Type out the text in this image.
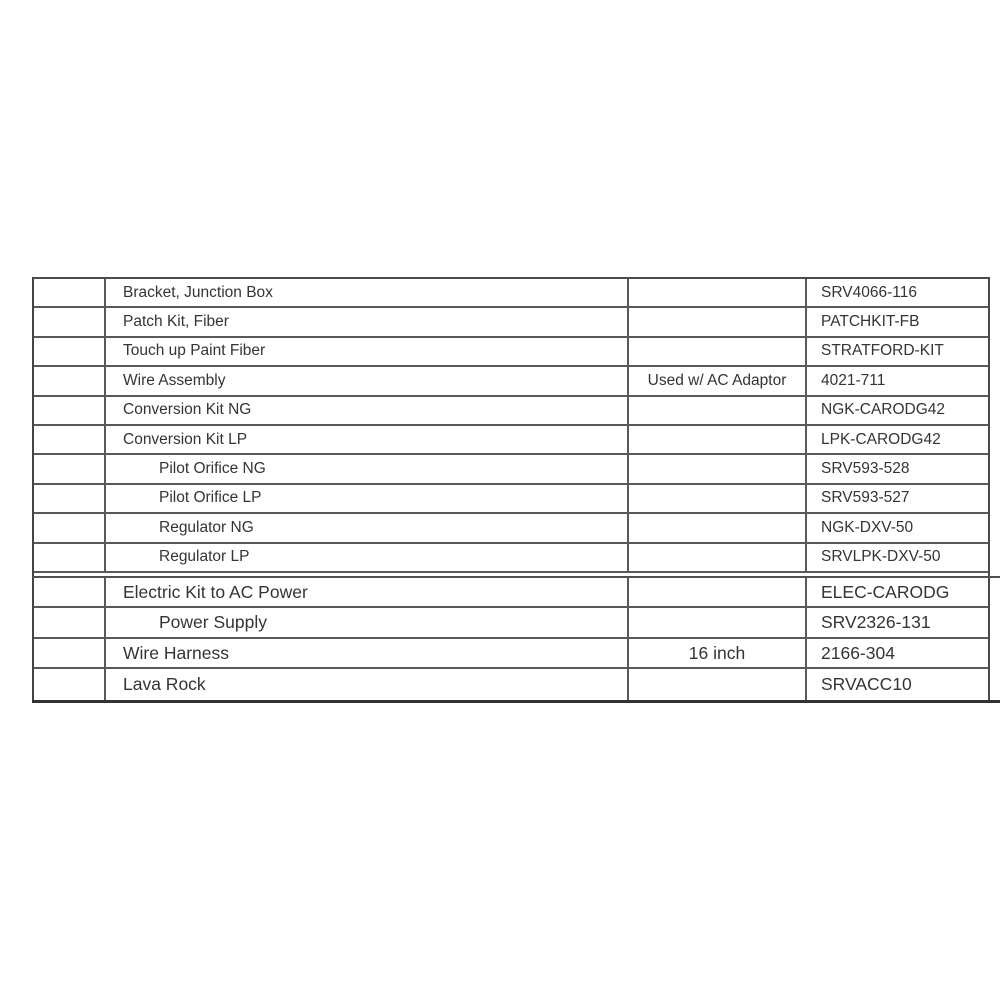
Bracket, Junction Box	SRV4066-116
Patch Kit, Fiber	PATCHKIT-FB
Touch up Paint Fiber	STRATFORD-KIT
Wire Assembly	Used w/ AC Adaptor	4021-711
Conversion Kit NG	NGK-CARODG42
Conversion Kit LP	LPK-CARODG42
Pilot Orifice NG	SRV593-528
Pilot Orifice LP	SRV593-527
Regulator NG	NGK-DXV-50
Regulator LP	SRVLPK-DXV-50
Electric Kit to AC Power	ELEC-CARODG
Power Supply	SRV2326-131
Wire Harness	16 inch	2166-304
Lava Rock	SRVACC10
